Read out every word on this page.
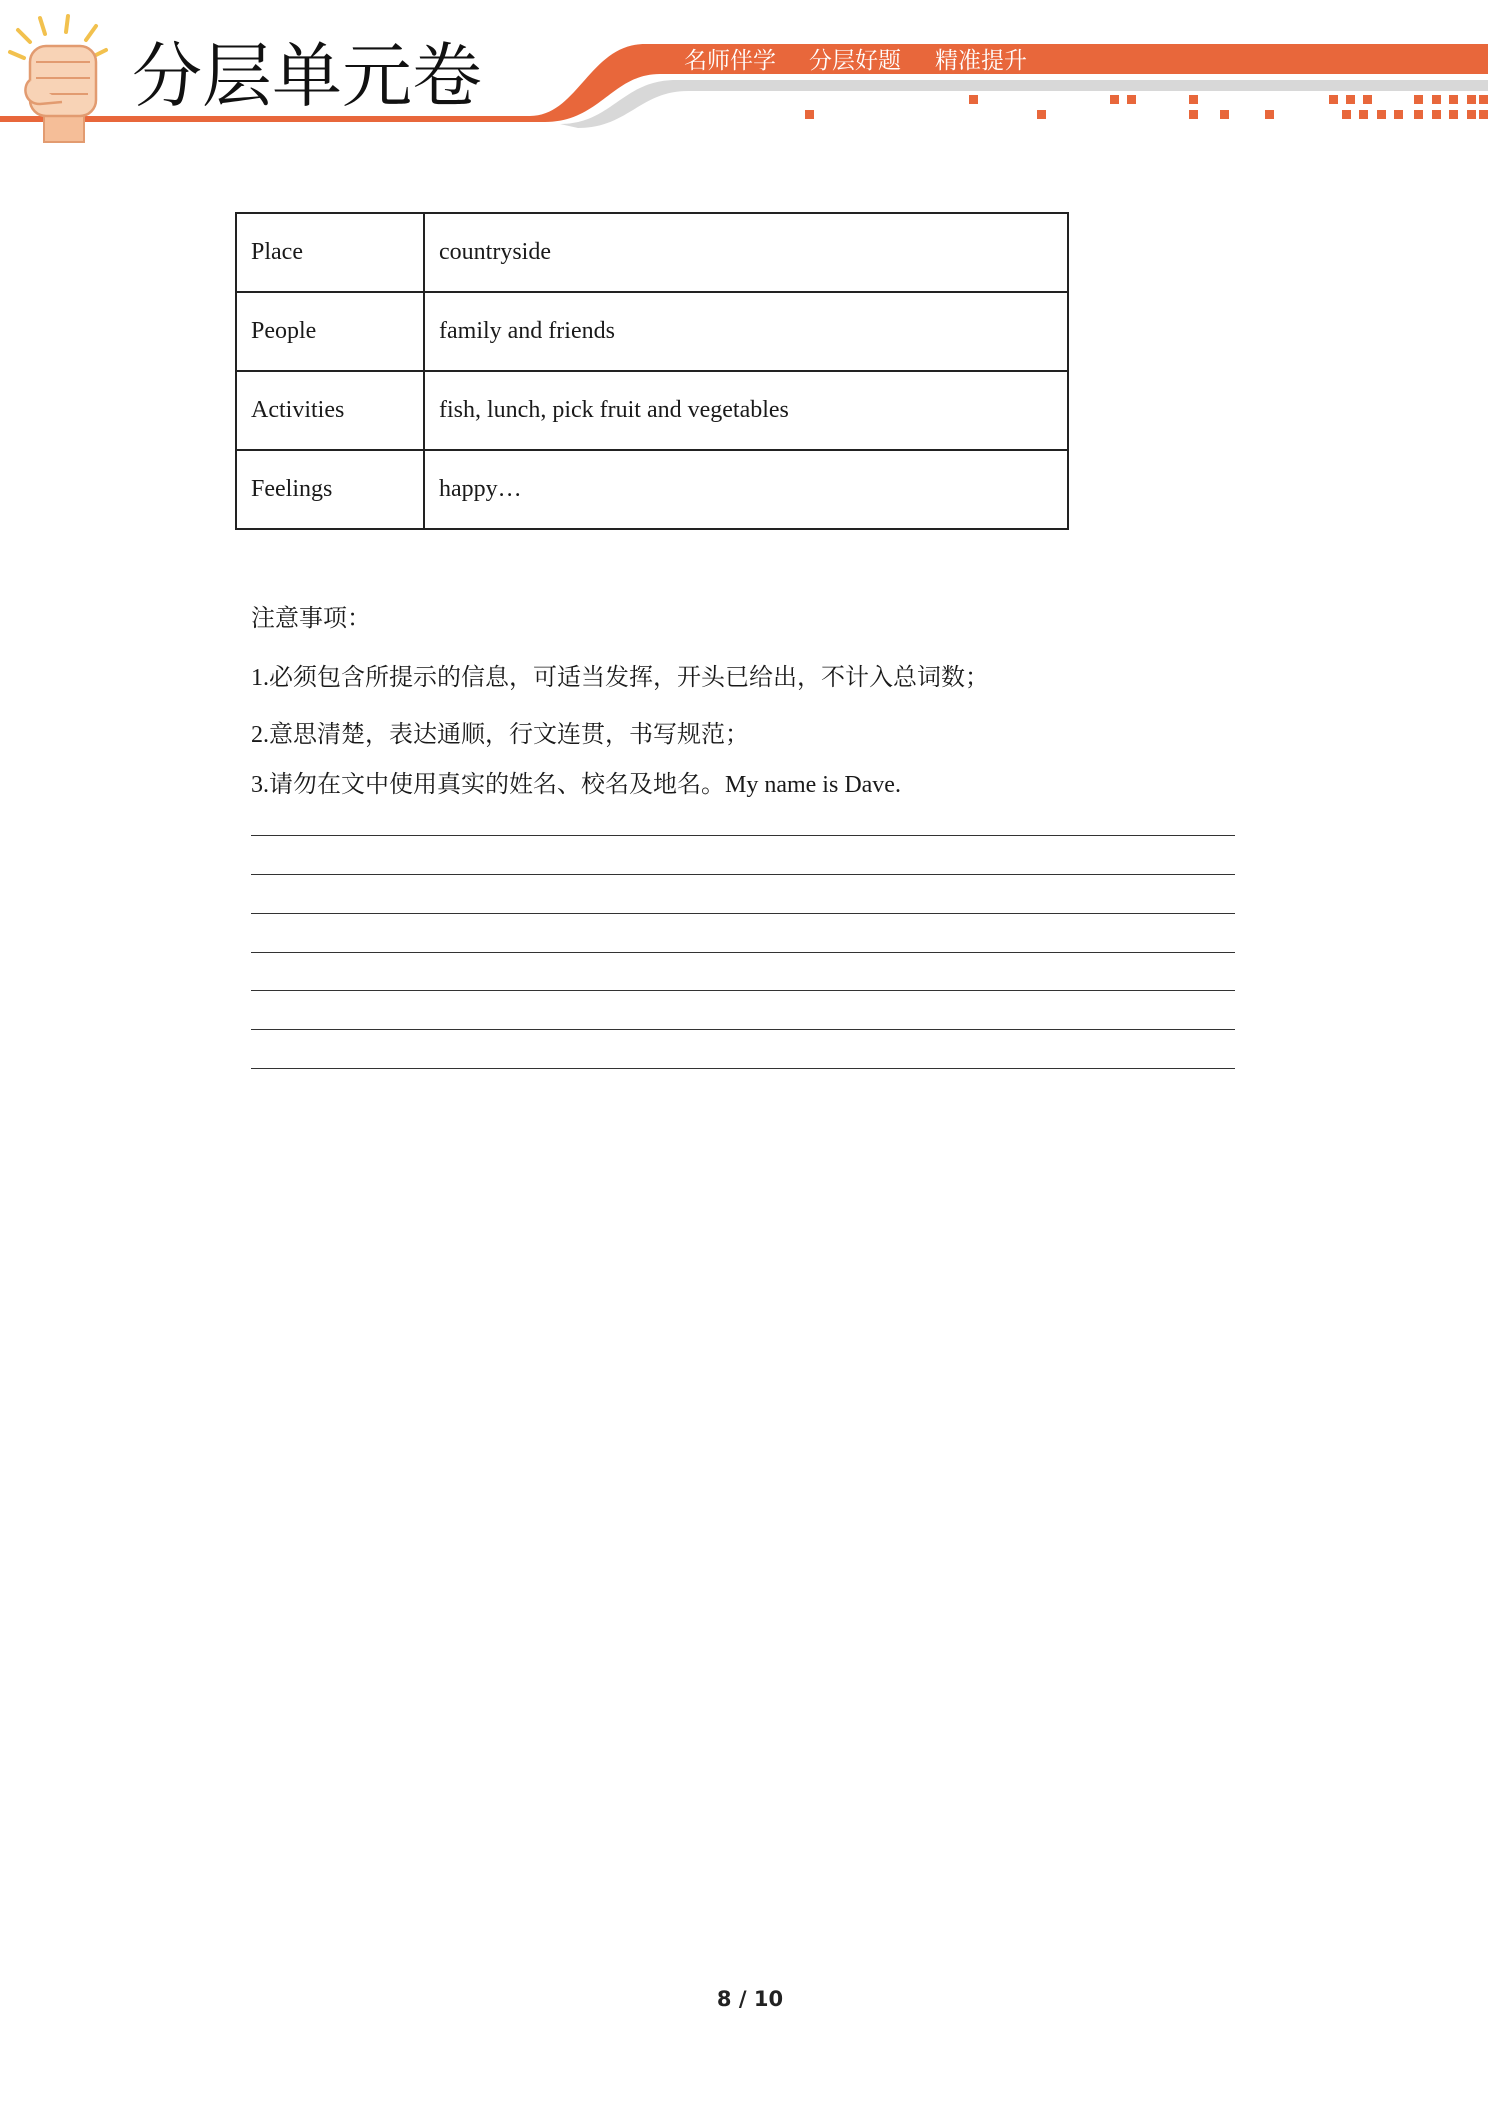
分层单元卷	名师伴学 分层好题 精准提升
Place	countryside
People	family and friends
Activities	fish, lunch, pick fruit and vegetables
Feelings	happy…
注意事项：
1.必须包含所提示的信息，可适当发挥，开头已给出，不计入总词数；
2.意思清楚，表达通顺，行文连贯，书写规范；
3.请勿在文中使用真实的姓名、校名及地名。My name is Dave.
8 / 10
